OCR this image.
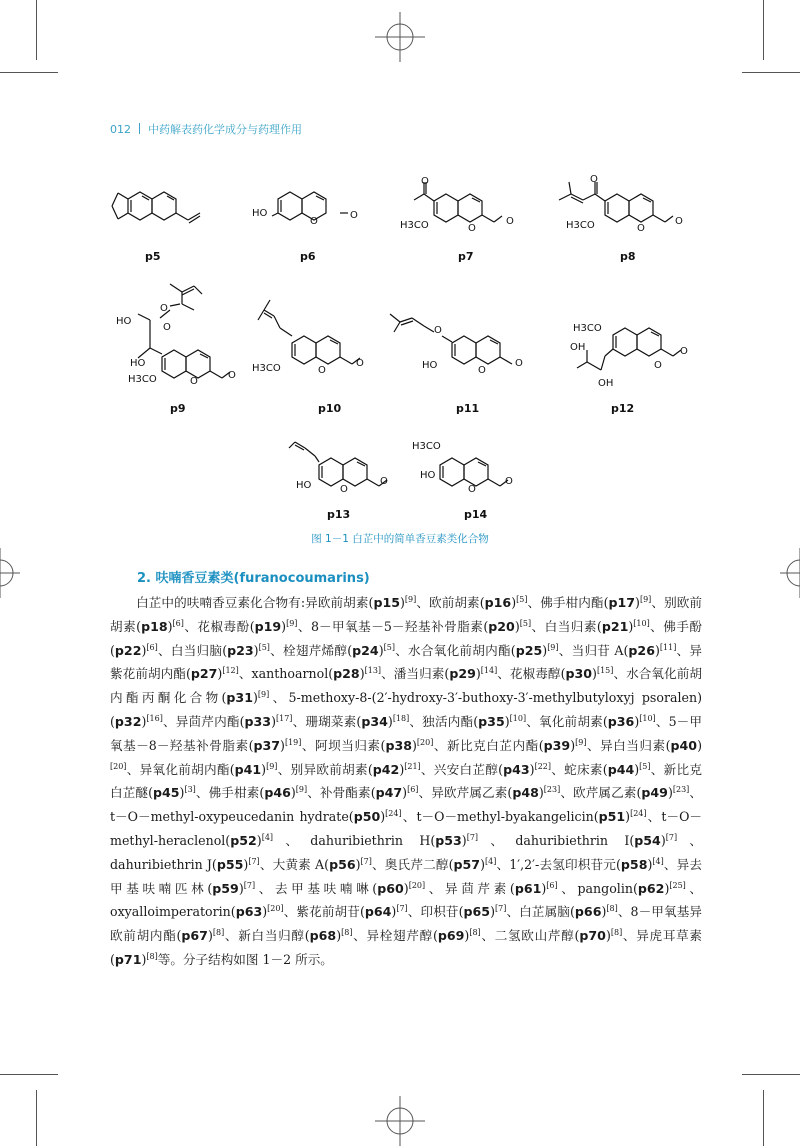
012 中药解表药化学成分与药理作用
p5
HO
O
O
p6
O
H3CO	O
O
p7
O
H3CO	O
O
p8
O
HO
O
HO
H3CO	O
O
p9
H3CO	O
O
p10
O
HO	O
O
p11
H3CO
OH
OH
O
O
p12
HO	O
O
p13
H3CO
HO
O
O
p14
图 1－1 白芷中的简单香豆素类化合物
2. 呋喃香豆素类(furanocoumarins)
白芷中的呋喃香豆素化合物有:异欧前胡素(p15)[9]、欧前胡素(p16)[5]、佛手柑内酯(p17)[9]、别欧前胡素(p18)[6]、花椒毒酚(p19)[9]、8－甲氧基－5－羟基补骨脂素(p20)[5]、白当归素(p21)[10]、佛手酚(p22)[6]、白当归脑(p23)[5]、栓翅芹烯醇(p24)[5]、水合氧化前胡内酯(p25)[9]、当归苷 A(p26)[11]、异紫花前胡内酯(p27)[12]、xanthoarnol(p28)[13]、潘当归素(p29)[14]、花椒毒醇(p30)[15]、水合氧化前胡内酯丙酮化合物(p31)[9]、5-methoxy-8-(2′-hydroxy-3′-buthoxy-3′-methylbutyloxyj psoralen)(p32)[16]、异茴芹内酯(p33)[17]、珊瑚菜素(p34)[18]、独活内酯(p35)[10]、氧化前胡素(p36)[10]、5－甲氧基－8－羟基补骨脂素(p37)[19]、阿坝当归素(p38)[20]、新比克白芷内酯(p39)[9]、异白当归素(p40)[20]、异氧化前胡内酯(p41)[9]、别异欧前胡素(p42)[21]、兴安白芷醇(p43)[22]、蛇床素(p44)[5]、新比克白芷醚(p45)[3]、佛手柑素(p46)[9]、补骨酯素(p47)[6]、异欧芹属乙素(p48)[23]、欧芹属乙素(p49)[23]、t－O－methyl-oxypeucedanin hydrate(p50)[24]、t－O－methyl-byakangelicin(p51)[24]、t－O－methyl-heraclenol(p52)[4]、dahuribiethrin H(p53)[7]、dahuribiethrin I(p54)[7]、dahuribiethrin J(p55)[7]、大黄素 A(p56)[7]、奥氏芹二醇(p57)[4]、1′,2′-去氢印枳苷元(p58)[4]、异去甲基呋喃匹林(p59)[7]、去甲基呋喃啉(p60)[20]、异茴芹素(p61)[6]、pangolin(p62)[25]、oxyalloimperatorin(p63)[20]、紫花前胡苷(p64)[7]、印枳苷(p65)[7]、白芷属脑(p66)[8]、8－甲氧基异欧前胡内酯(p67)[8]、新白当归醇(p68)[8]、异栓翅芹醇(p69)[8]、二氢欧山芹醇(p70)[8]、异虎耳草素(p71)[8]等。分子结构如图 1－2 所示。
